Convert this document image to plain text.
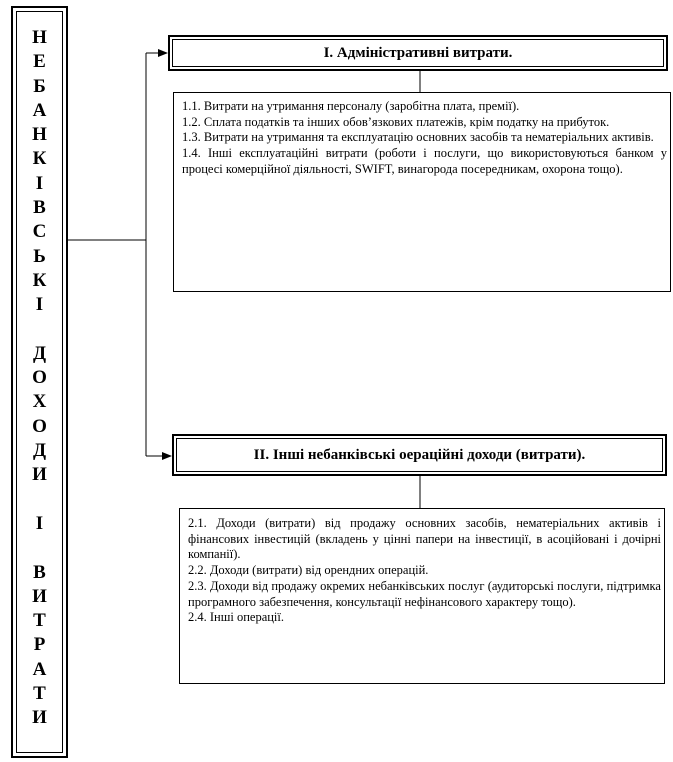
Н
Е
Б
А
Н
К
І
В
С
Ь
К
І
Д
О
Х
О
Д
И
І
В
И
Т
Р
А
Т
И
І. Адміністративні витрати.

1.1. Витрати на утримання персоналу (заробітна плата, премії).

1.2. Сплата податків та інших обов’язкових платежів, крім податку на прибуток.

1.3. Витрати на утримання та експлуатацію основних засобів та нематеріальних активів.

1.4. Інші експлуатаційні витрати (роботи і послуги, що використовуються банком у процесі комерційної діяльності, SWIFT, винагорода посередникам, охорона тощо).

ІІ. Інші небанківські оераційні доходи (витрати).

2.1. Доходи (витрати) від продажу основних засобів, нематеріальних активів і фінансових інвестицій (вкладень у цінні папери на інвестиції, в асоційовані і дочірні компанії).

2.2. Доходи (витрати) від орендних операцій.

2.3. Доходи від продажу окремих небанківських послуг (аудиторські послуги, підтримка програмного забезпечення, консультації нефінансового характеру тощо).

2.4. Інші операції.
